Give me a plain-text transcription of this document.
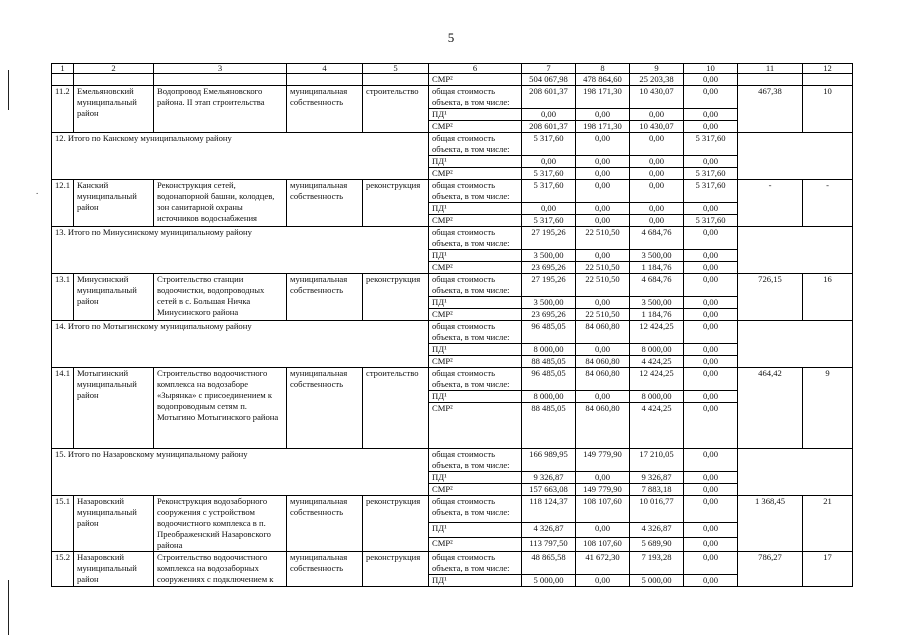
5
.
1	2	3	4	5	6	7	8	9	10	11	12
					СМР²	504 067,98	478 864,60	25 203,38	0,00		
11.2	Емельяновский муниципальный район	Водопровод Емельяновского района. II этап строительства	муниципальная собственность	строительство	общая стоимость объекта, в том числе:	208 601,37	198 171,30	10 430,07	0,00	467,38	10
					ПД¹	0,00	0,00	0,00	0,00		
					СМР²	208 601,37	198 171,30	10 430,07	0,00		
12. Итого по Канскому муниципальному району					общая стоимость объекта, в том числе:	5 317,60	0,00	0,00	5 317,60		
					ПД¹	0,00	0,00	0,00	0,00		
					СМР²	5 317,60	0,00	0,00	5 317,60		
12.1	Канский муниципальный район	Реконструкция сетей, водонапорной башни, колодцев, зон санитарной охраны источников водоснабжения	муниципальная собственность	реконструкция	общая стоимость объекта, в том числе:	5 317,60	0,00	0,00	5 317,60	-	-
					ПД¹	0,00	0,00	0,00	0,00		
					СМР²	5 317,60	0,00	0,00	5 317,60		
13. Итого по Минусинскому муниципальному району					общая стоимость объекта, в том числе:	27 195,26	22 510,50	4 684,76	0,00		
					ПД¹	3 500,00	0,00	3 500,00	0,00		
					СМР²	23 695,26	22 510,50	1 184,76	0,00		
13.1	Минусинский муниципальный район	Строительство станции водоочистки, водопроводных сетей в с. Большая Ничка Минусинского района	муниципальная собственность	реконструкция	общая стоимость объекта, в том числе:	27 195,26	22 510,50	4 684,76	0,00	726,15	16
					ПД¹	3 500,00	0,00	3 500,00	0,00		
					СМР²	23 695,26	22 510,50	1 184,76	0,00		
14. Итого по Мотыгинскому муниципальному району					общая стоимость объекта, в том числе:	96 485,05	84 060,80	12 424,25	0,00		
					ПД¹	8 000,00	0,00	8 000,00	0,00		
					СМР²	88 485,05	84 060,80	4 424,25	0,00		
14.1	Мотыгинский муниципальный район	Строительство водоочистного комплекса на водозаборе «Зырянка» с присоединением к водопроводным сетям п. Мотыгино Мотыгинского района	муниципальная собственность	строительство	общая стоимость объекта, в том числе:	96 485,05	84 060,80	12 424,25	0,00	464,42	9
					ПД¹	8 000,00	0,00	8 000,00	0,00		
					СМР²	88 485,05	84 060,80	4 424,25	0,00		
15. Итого по Назаровскому муниципальному району					общая стоимость объекта, в том числе:	166 989,95	149 779,90	17 210,05	0,00		
					ПД¹	9 326,87	0,00	9 326,87	0,00		
					СМР²	157 663,08	149 779,90	7 883,18	0,00		
15.1	Назаровский муниципальный район	Реконструкция водозаборного сооружения с устройством водоочистного комплекса в п. Преображенский Назаровского района	муниципальная собственность	реконструкция	общая стоимость объекта, в том числе:	118 124,37	108 107,60	10 016,77	0,00	1 368,45	21
					ПД¹	4 326,87	0,00	4 326,87	0,00		
					СМР²	113 797,50	108 107,60	5 689,90	0,00		
15.2	Назаровский муниципальный район	Строительство водоочистного комплекса на водозаборных сооружениях с подключением к	муниципальная собственность	реконструкция	общая стоимость объекта, в том числе:	48 865,58	41 672,30	7 193,28	0,00	786,27	17
					ПД¹	5 000,00	0,00	5 000,00	0,00		
